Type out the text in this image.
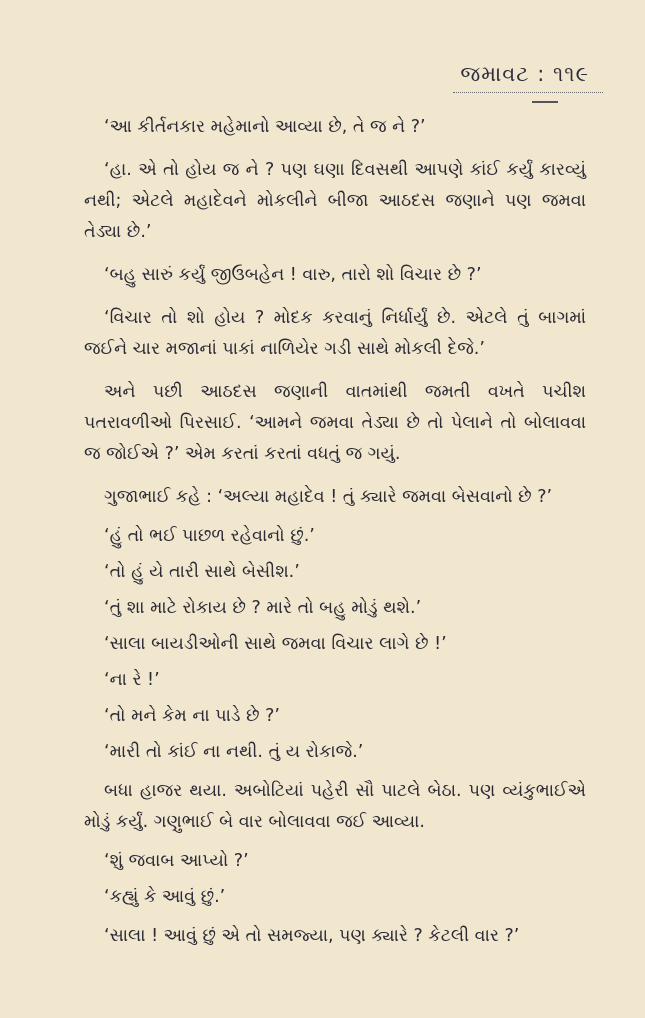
જમાવટ : ૧૧૯

‘આ કીર્તનકાર મહેમાનો આવ્યા છે, તે જ ને ?’

‘હા. એ તો હોય જ ને ? પણ ઘણા દિવસથી આપણે કાંઈ કર્યું કારવ્યું નથી; એટલે મહાદેવને મોકલીને બીજા આઠદસ જણાને પણ જમવા તેડ્યા છે.’

‘બહુ સારું કર્યું જીઉબહેન ! વારુ, તારો શો વિચાર છે ?’

‘વિચાર તો શો હોય ? મોદક કરવાનું નિર્ધાર્યું છે. એટલે તું બાગમાં જઈને ચાર મજાનાં પાકાં નાળિયેર ગડી સાથે મોકલી દેજે.’

અને પછી આઠદસ જણાની વાતમાંથી જમતી વખતે પચીશ પતરાવળીઓ પિરસાઈ. ‘આમને જમવા તેડ્યા છે તો પેલાને તો બોલાવવા જ જોઈએ ?’ એમ કરતાં કરતાં વધતું જ ગયું.

ગુજાભાઈ કહે : ‘અલ્યા મહાદેવ ! તું ક્યારે જમવા બેસવાનો છે ?’

‘હું તો ભઈ પાછળ રહેવાનો છું.’

‘તો હું યે તારી સાથે બેસીશ.’

‘તું શા માટે રોકાય છે ? મારે તો બહુ મોડું થશે.’

‘સાલા બાયડીઓની સાથે જમવા વિચાર લાગે છે !’

‘ના રે !’

‘તો મને કેમ ના પાડે છે ?’

‘મારી તો કાંઈ ના નથી. તું ય રોકાજે.’

બધા હાજર થયા. અબોટિયાં પહેરી સૌ પાટલે બેઠા. પણ વ્યંકુભાઈએ મોડું કર્યું. ગણુભાઈ બે વાર બોલાવવા જઈ આવ્યા.

‘શું જવાબ આપ્યો ?’

‘કહ્યું કે આવું છું.’

‘સાલા ! આવું છું એ તો સમજ્યા, પણ ક્યારે ? કેટલી વાર ?’
